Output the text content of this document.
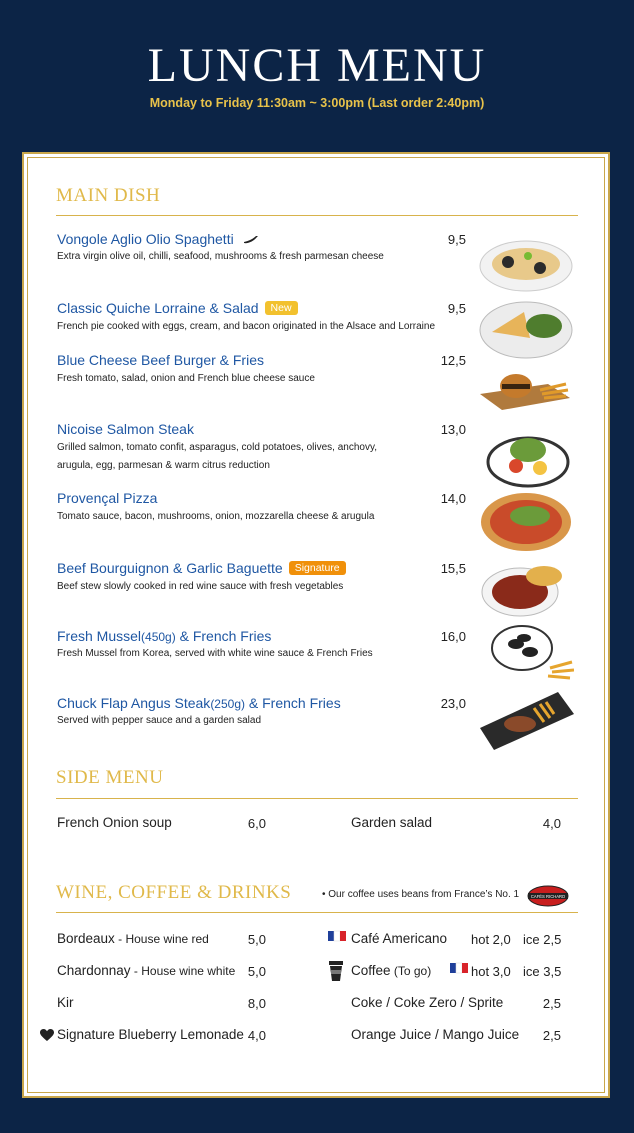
LUNCH MENU
Monday to Friday 11:30am ~ 3:00pm (Last order 2:40pm)
MAIN DISH
Vongole Aglio Olio Spaghetti
Extra virgin olive oil, chilli, seafood, mushrooms & fresh parmesan cheese
9,5
Classic Quiche Lorraine & Salad New
French pie cooked with eggs, cream, and bacon originated in the Alsace and Lorraine
9,5
Blue Cheese Beef Burger & Fries
Fresh tomato, salad, onion and French blue cheese sauce
12,5
Nicoise Salmon Steak
Grilled salmon, tomato confit, asparagus, cold potatoes, olives, anchovy,
arugula, egg, parmesan & warm citrus reduction
13,0
Provençal Pizza
Tomato sauce, bacon, mushrooms, onion, mozzarella cheese & arugula
14,0
Beef Bourguignon & Garlic Baguette Signature
Beef stew slowly cooked in red wine sauce with fresh vegetables
15,5
Fresh Mussel(450g) & French Fries
Fresh Mussel from Korea, served with white wine sauce & French Fries
16,0
Chuck Flap Angus Steak(250g) & French Fries
Served with pepper sauce and a garden salad
23,0
SIDE MENU
French Onion soup	6,0	Garden salad	4,0
WINE, COFFEE & DRINKS	• Our coffee uses beans from France’s No. 1	CAFÉS RICHARD
Bordeaux - House wine red	5,0
Chardonnay - House wine white 5,0
Kir	8,0
Signature Blueberry Lemonade 4,0
Café Americano hot 2,0 ice 2,5
Coffee (To go)	hot 3,0 ice 3,5
Coke / Coke Zero / Sprite	2,5
Orange Juice / Mango Juice	2,5
